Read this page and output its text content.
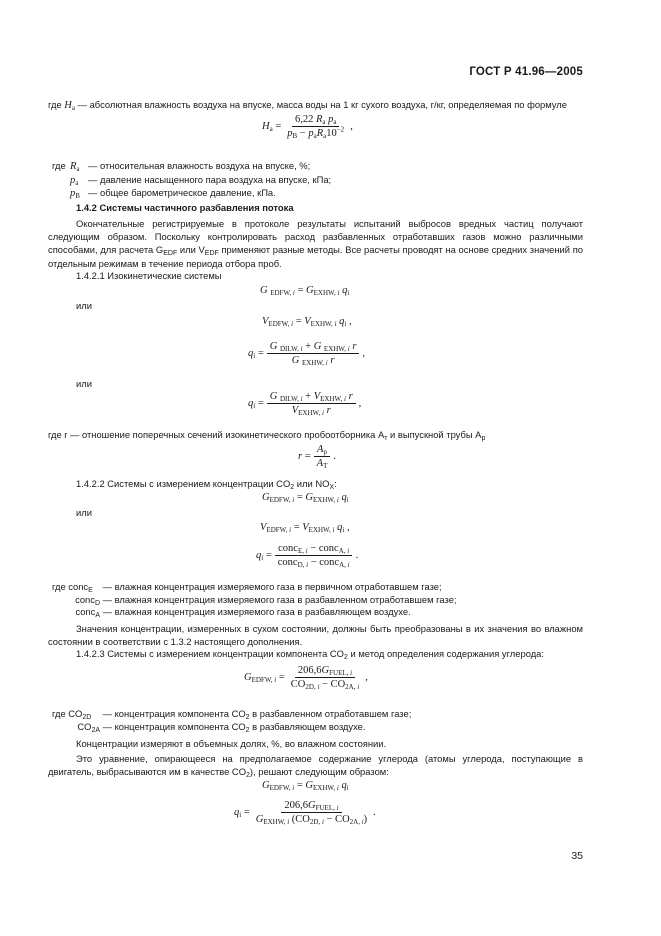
ГОСТ Р 41.96—2005
где $H_a$ — абсолютная влажность воздуха на впуске, масса воды на 1 кг сухого воздуха, г/кг, определяемая по формуле
$H_a = \frac{6,22 R_a p_a}{p_B - p_aR_a10^{-2}}$ ,
где $R_a$ — относительная влажность воздуха на впуске, %;
$p_a$ — давление насыщенного пара воздуха на впуске, кПа;
$p_B$ — общее барометрическое давление, кПа.
1.4.2 Системы частичного разбавления потока
Окончательные регистрируемые в протоколе результаты испытаний выбросов вредных частиц получают следующим образом. Поскольку контролировать расход разбавленных отработавших газов можно различными способами, для расчета $G_{EDF}$ или $V_{EDF}$ применяют разные методы. Все расчеты проводят на основе средних значений по отдельным режимам в течение периода отбора проб.
1.4.2.1 Изокинетические системы
G $_{EDFW, i} = G_{EXHW, i}$ $q_i$
или
$V_{EDFW, i} = V_{EXHW, i}$ $q_i$ ,
$q_i = \frac{G _{DILW, i} + G _{EXHW, i} r}{G _{EXHW, i} r}$ ,
или
$q_i = \frac{G _{DILW, i} + V_{EXHW, i} r}{V_{EXHW, i} r}$ ,
где r — отношение поперечных сечений изокинетического пробоотборника $A_т$ и выпускной трубы $A_р$
$r = \frac{A_p}{A_T}$ .
1.4.2.2 Системы с измерением концентрации $CO_2$ или $NO_X$:
$G_{EDFW, i} = G_{EXHW, i}$ $q_i$
или
$V_{EDFW, i} = V_{EXHW, i}$ $q_i$ ,
$q_i = \frac{conc_{E, i} - conc_{A, i}}{conc_{D, i} - conc_{A, i}}$ .
где conc$_E$ — влажная концентрация измеряемого газа в первичном отработавшем газе;
conc$_D$ — влажная концентрация измеряемого газа в разбавленном отработавшем газе;
conc$_A$ — влажная концентрация измеряемого газа в разбавляющем воздухе.
Значения концентрации, измеренных в сухом состоянии, должны быть преобразованы в их значения во влажном состоянии в соответствии с 1.3.2 настоящего дополнения.
1.4.2.3 Системы с измерением концентрации компонента $CO_2$ и метод определения содержания углерода:
$G_{EDFW, i} = \frac{206,6G_{FUEL, i}}{CO_{2D, i} - CO_{2A, i}}$ ,
где $CO_{2D}$ — концентрация компонента $CO_2$ в разбавленном отработавшем газе;
$CO_{2A}$ — концентрация компонента $CO_2$ в разбавляющем воздухе.
Концентрации измеряют в объемных долях, %, во влажном состоянии.
Это уравнение, опирающееся на предполагаемое содержание углерода (атомы углерода, поступающие в двигатель, выбрасываются им в качестве $CO_2$), решают следующим образом:
$G_{EDFW, i} = G_{EXHW, i}$ $q_i$
$q_i = \frac{206,6G_{FUEL, i}}{G_{EXHW, i} (CO_{2D, i} - CO_{2A, i})}$ .
35
